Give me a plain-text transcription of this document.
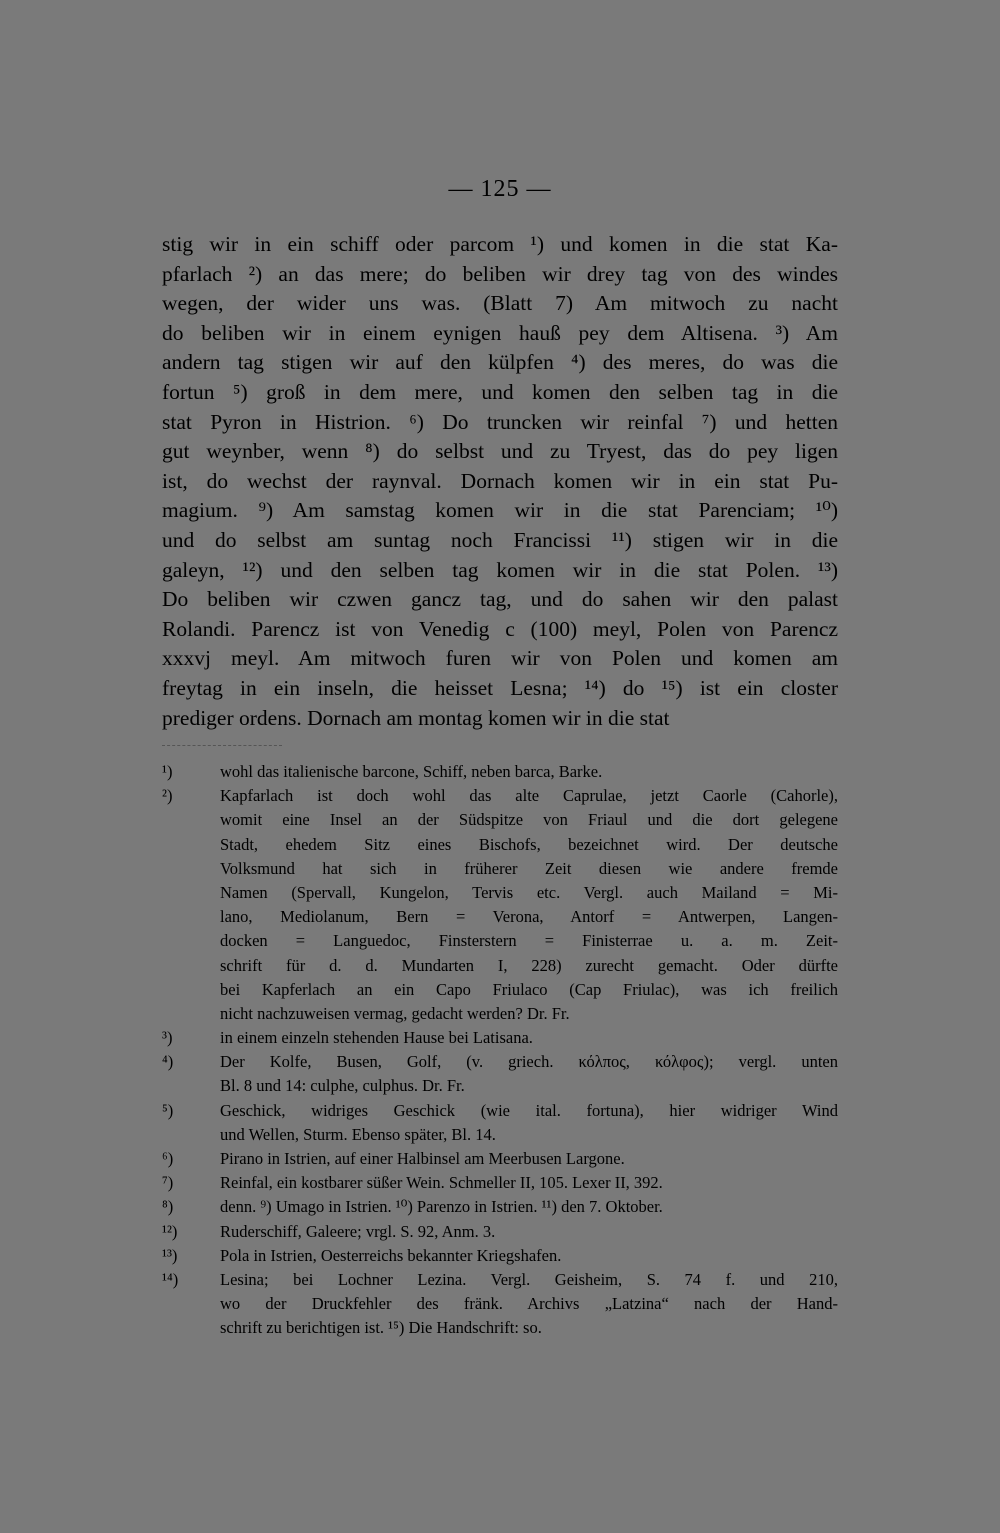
— 125 —
stig wir in ein schiff oder parcom ¹) und komen in die stat Ka-
pfarlach ²) an das mere; do beliben wir drey tag von des windes
wegen, der wider uns was. (Blatt 7) Am mitwoch zu nacht
do beliben wir in einem eynigen hauß pey dem Altisena. ³) Am
andern tag stigen wir auf den külpfen ⁴) des meres, do was die
fortun ⁵) groß in dem mere, und komen den selben tag in die
stat Pyron in Histrion. ⁶) Do truncken wir reinfal ⁷) und hetten
gut weynber, wenn ⁸) do selbst und zu Tryest, das do pey ligen
ist, do wechst der raynval. Dornach komen wir in ein stat Pu-
magium. ⁹) Am samstag komen wir in die stat Parenciam; ¹⁰)
und do selbst am suntag noch Francissi ¹¹) stigen wir in die
galeyn, ¹²) und den selben tag komen wir in die stat Polen. ¹³)
Do beliben wir czwen gancz tag, und do sahen wir den palast
Rolandi. Parencz ist von Venedig c (100) meyl, Polen von Parencz
xxxvj meyl. Am mitwoch furen wir von Polen und komen am
freytag in ein inseln, die heisset Lesna; ¹⁴) do ¹⁵) ist ein closter
prediger ordens. Dornach am montag komen wir in die stat
¹)	wohl das italienische barcone, Schiff, neben barca, Barke.
²)	Kapfarlach ist doch wohl das alte Caprulae, jetzt Caorle (Cahorle),
womit eine Insel an der Südspitze von Friaul und die dort gelegene
Stadt, ehedem Sitz eines Bischofs, bezeichnet wird. Der deutsche
Volksmund hat sich in früherer Zeit diesen wie andere fremde
Namen (Spervall, Kungelon, Tervis etc. Vergl. auch Mailand = Mi-
lano, Mediolanum, Bern = Verona, Antorf = Antwerpen, Langen-
docken = Languedoc, Finsterstern = Finisterrae u. a. m. Zeit-
schrift für d. d. Mundarten I, 228) zurecht gemacht. Oder dürfte
bei Kapferlach an ein Capo Friulaco (Cap Friulac), was ich freilich
nicht nachzuweisen vermag, gedacht werden? Dr. Fr.
³)	in einem einzeln stehenden Hause bei Latisana.
⁴)	Der Kolfe, Busen, Golf, (v. griech. κόλπος, κόλφος); vergl. unten
Bl. 8 und 14: culphe, culphus. Dr. Fr.
⁵)	Geschick, widriges Geschick (wie ital. fortuna), hier widriger Wind
und Wellen, Sturm. Ebenso später, Bl. 14.
⁶)	Pirano in Istrien, auf einer Halbinsel am Meerbusen Largone.
⁷)	Reinfal, ein kostbarer süßer Wein. Schmeller II, 105. Lexer II, 392.
⁸)	denn. ⁹) Umago in Istrien. ¹⁰) Parenzo in Istrien. ¹¹) den 7. Oktober.
¹²)	Ruderschiff, Galeere; vrgl. S. 92, Anm. 3.
¹³)	Pola in Istrien, Oesterreichs bekannter Kriegshafen.
¹⁴)	Lesina; bei Lochner Lezina. Vergl. Geisheim, S. 74 f. und 210,
wo der Druckfehler des fränk. Archivs „Latzina“ nach der Hand-
schrift zu berichtigen ist. ¹⁵) Die Handschrift: so.
